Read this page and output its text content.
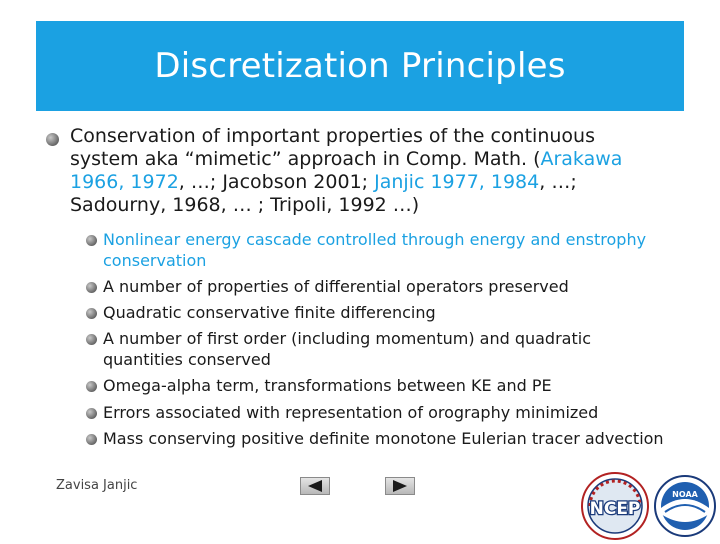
Discretization Principles
Conservation of important properties of the continuous
system aka “mimetic” approach in Comp. Math. (Arakawa
1966, 1972, …; Jacobson 2001; Janjic 1977, 1984, …;
Sadourny, 1968, … ; Tripoli, 1992 …)
Nonlinear energy cascade controlled through energy and enstrophy conservation
A number of properties of differential operators preserved
Quadratic conservative finite differencing
A number of first order (including momentum) and quadratic quantities conserved
Omega-alpha term, transformations between KE and PE
Errors associated with representation of orography minimized
Mass conserving positive definite monotone Eulerian tracer advection
Zavisa Janjic
NCEP
NOAA
